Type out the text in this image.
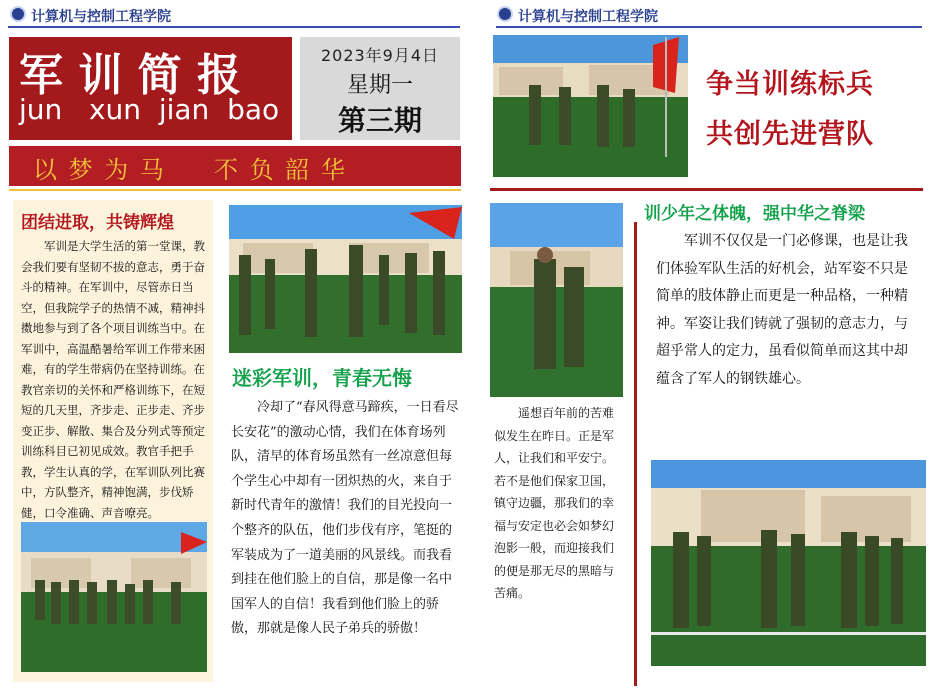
计算机与控制工程学院	计算机与控制工程学院
军 训 简 报
jun   xun  jian  bao
2023年9月4日
星期一
第三期
以 梦 为 马     不 负 韶 华
团结进取，共铸辉煌
军训是大学生活的第一堂课，教会我们要有坚韧不拔的意志，勇于奋斗的精神。在军训中，尽管赤日当空，但我院学子的热情不减，精神抖擞地参与到了各个项目训练当中。在军训中，高温酷暑给军训工作带来困难，有的学生带病仍在坚持训练。在教官亲切的关怀和严格训练下，在短短的几天里，齐步走、正步走、齐步变正步、解散、集合及分列式等预定训练科目已初见成效。教官手把手教，学生认真的学，在军训队列比赛中，方队整齐，精神饱满，步伐矫健，口令准确、声音嘹亮。
迷彩军训，青春无悔
冷却了“春风得意马蹄疾，一日看尽长安花”的激动心情，我们在体育场列队，清早的体育场虽然有一丝凉意但每个学生心中却有一团炽热的火，来自于新时代青年的激情！我们的目光投向一个整齐的队伍，他们步伐有序，笔挺的军装成为了一道美丽的风景线。而我看到挂在他们脸上的自信，那是像一名中国军人的自信！我看到他们脸上的骄傲，那就是像人民子弟兵的骄傲！
争当训练标兵
共创先进营队
遥想百年前的苦难似发生在昨日。正是军人，让我们和平安宁。若不是他们保家卫国，镇守边疆，那我们的幸福与安定也必会如梦幻泡影一般，而迎接我们的便是那无尽的黑暗与苦痛。
训少年之体魄，强中华之脊梁
军训不仅仅是一门必修课，也是让我们体验军队生活的好机会，站军姿不只是简单的肢体静止而更是一种品格，一种精神。军姿让我们铸就了强韧的意志力，与超乎常人的定力，虽看似简单而这其中却蕴含了军人的钢铁雄心。
